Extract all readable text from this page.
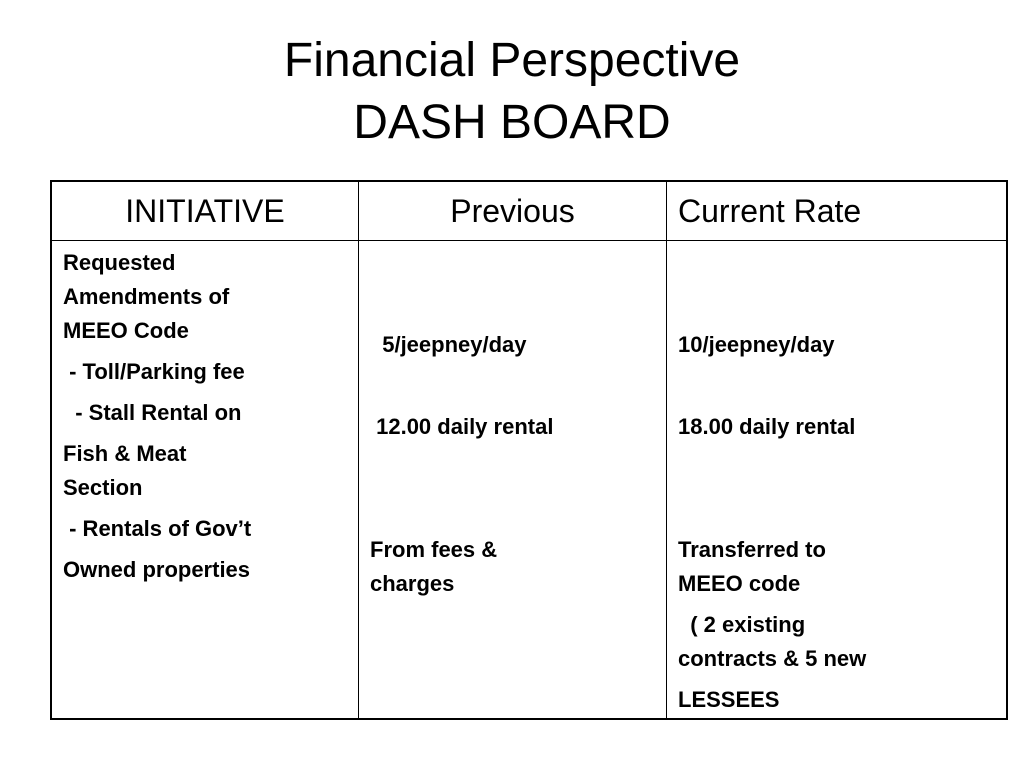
Financial Perspective
DASH BOARD
INITIATIVE	Previous	Current Rate
Requested
Amendments of
MEEO Code
- Toll/Parking fee
- Stall Rental on
Fish & Meat
Section
- Rentals of Gov’t
Owned properties
5/jeepney/day
12.00 daily rental
From fees &
charges
10/jeepney/day
18.00 daily rental
Transferred to
MEEO code
( 2 existing
contracts & 5 new
LESSEES
